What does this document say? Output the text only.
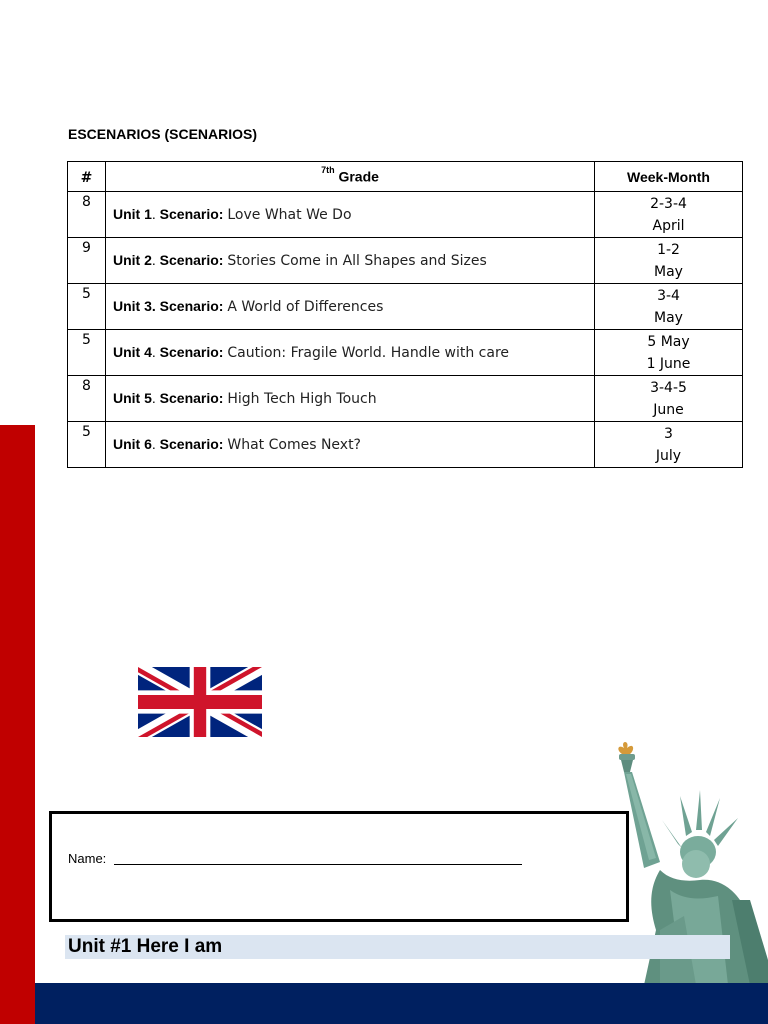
ESCENARIOS (SCENARIOS)
#	$^{7th}$ Grade	Week-Month
8	Unit 1. Scenario: Love What We Do	2-3-4
April

9	Unit 2. Scenario: Stories Come in All Shapes and Sizes	1-2
May

5	Unit 3. Scenario: A World of Differences	3-4
May

5	Unit 4. Scenario: Caution: Fragile World. Handle with care	5 May
1 June

8	Unit 5. Scenario: High Tech High Touch	3-4-5
June

5	Unit 6. Scenario: What Comes Next?	3
July
Name:
Unit #1 Here I am
